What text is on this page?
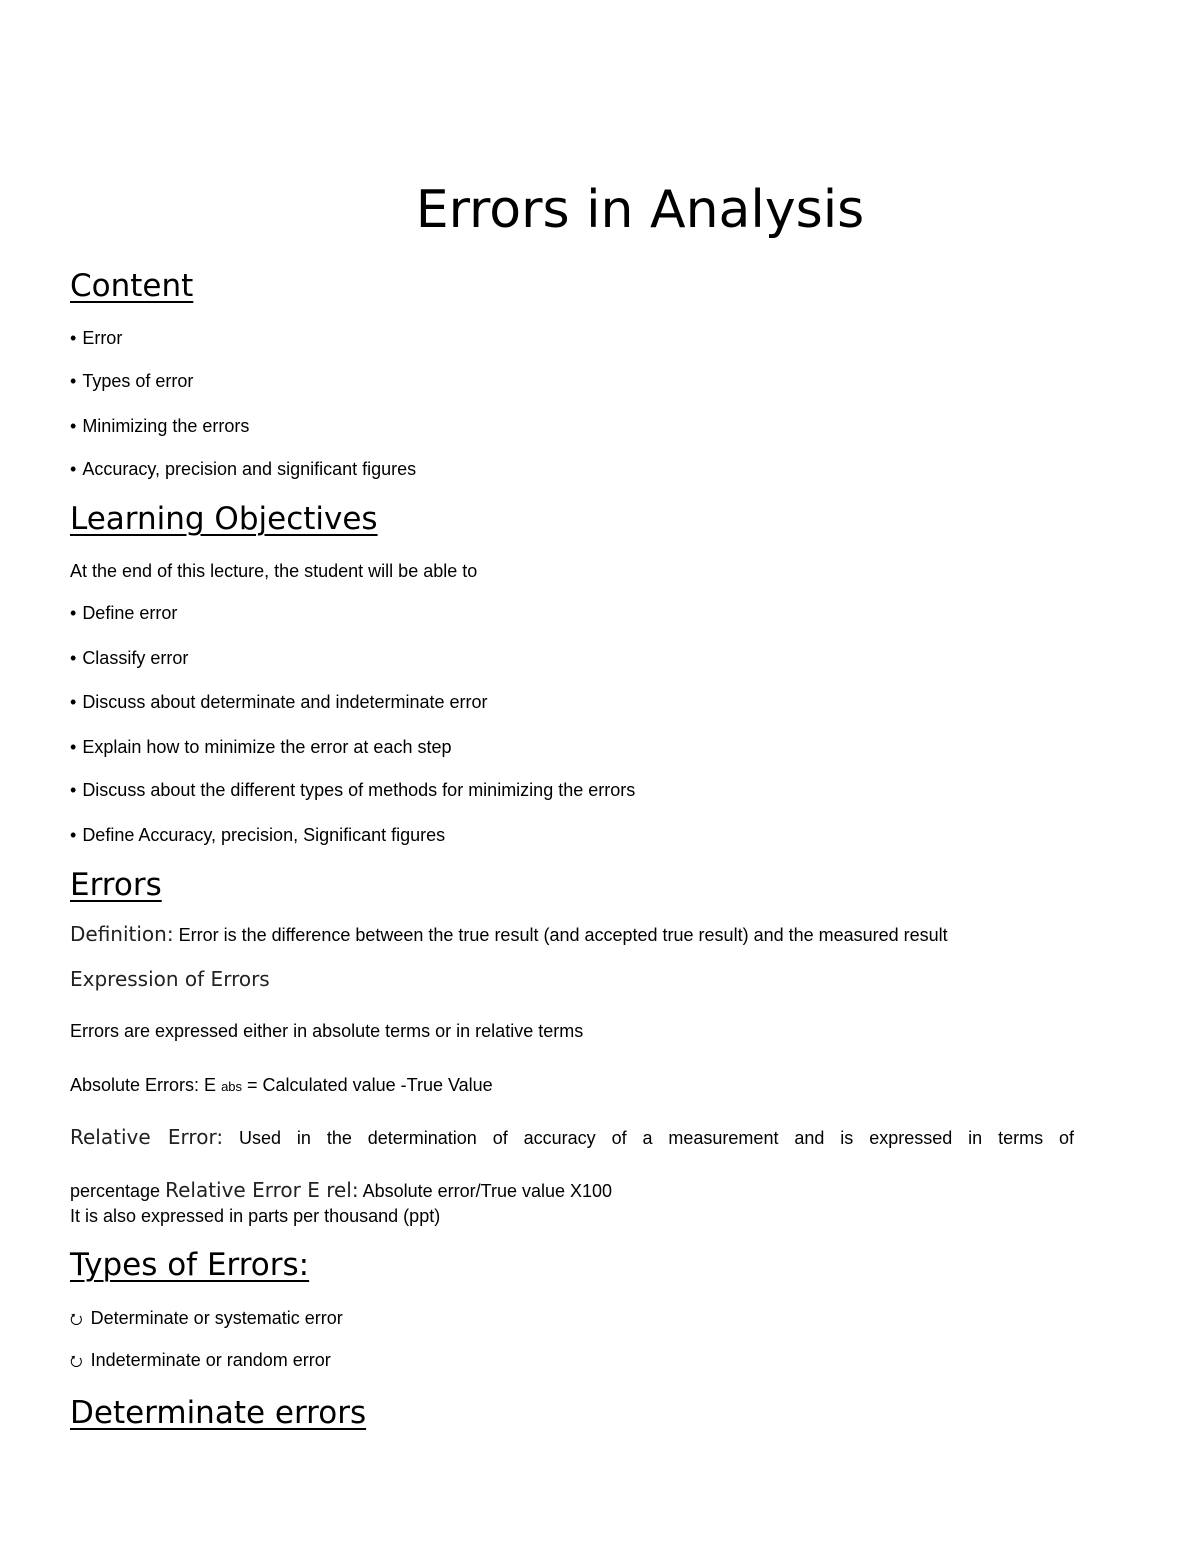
Errors in Analysis
Content
• Error
• Types of error
• Minimizing the errors
• Accuracy, precision and significant figures
Learning Objectives
At the end of this lecture, the student will be able to
• Define error
• Classify error
• Discuss about determinate and indeterminate error
• Explain how to minimize the error at each step
• Discuss about the different types of methods for minimizing the errors
• Define Accuracy, precision, Significant figures
Errors
Definition: Error is the difference between the true result (and accepted true result) and the measured result
Expression of Errors
Errors are expressed either in absolute terms or in relative terms
Absolute Errors: E abs = Calculated value -True Value
Relative Error: Used in the determination of accuracy of a measurement and is expressed in terms of
percentage Relative Error E rel: Absolute error/True value X100
It is also expressed in parts per thousand (ppt)
Types of Errors:
⭮ Determinate or systematic error
⭮ Indeterminate or random error
Determinate errors
